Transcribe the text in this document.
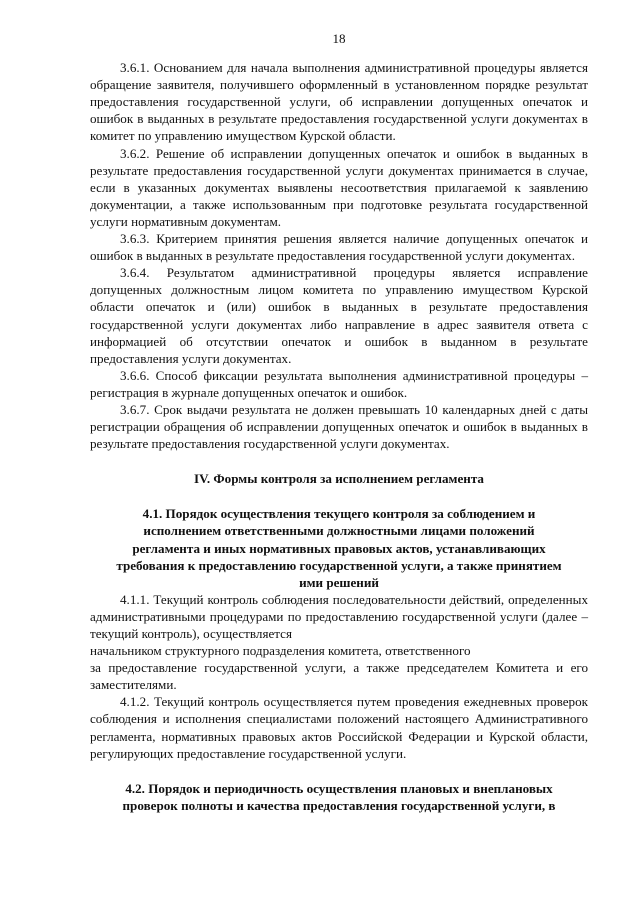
18

3.6.1. Основанием для начала выполнения административной процедуры является обращение заявителя, получившего оформленный в установленном порядке результат предоставления государственной услуги, об исправлении допущенных опечаток и ошибок в выданных в результате предоставления государственной услуги документах в комитет по управлению имуществом Курской области.

3.6.2. Решение об исправлении допущенных опечаток и ошибок в выданных в результате предоставления государственной услуги документах принимается в случае, если в указанных документах выявлены несоответствия прилагаемой к заявлению документации, а также использованным при подготовке результата государственной услуги нормативным документам.

3.6.3. Критерием принятия решения является наличие допущенных опечаток и ошибок в выданных в результате предоставления государственной услуги документах.

3.6.4. Результатом административной процедуры является исправление допущенных должностным лицом комитета по управлению имуществом Курской области опечаток и (или) ошибок в выданных в результате предоставления государственной услуги документах либо направление в адрес заявителя ответа с информацией об отсутствии опечаток и ошибок в выданном в результате предоставления услуги документах.

3.6.6. Способ фиксации результата выполнения административной процедуры – регистрация в журнале допущенных опечаток и ошибок.

3.6.7. Срок выдачи результата не должен превышать 10 календарных дней с даты регистрации обращения об исправлении допущенных опечаток и ошибок в выданных в результате предоставления государственной услуги документах.

IV. Формы контроля за исполнением регламента
4.1. Порядок осуществления текущего контроля за соблюдением и
исполнением ответственными должностными лицами положений
регламента и иных нормативных правовых актов, устанавливающих
требования к предоставлению государственной услуги, а также принятием
ими решений

4.1.1. Текущий контроль соблюдения последовательности действий, определенных административными процедурами по предоставлению государственной услуги (далее – текущий контроль), осуществляется

начальником структурного подразделения комитета, ответственного

за предоставление государственной услуги, а также председателем Комитета и его заместителями.

4.1.2. Текущий контроль осуществляется путем проведения ежедневных проверок соблюдения и исполнения специалистами положений настоящего Административного регламента, нормативных правовых актов Российской Федерации и Курской области, регулирующих предоставление государственной услуги.

4.2. Порядок и периодичность осуществления плановых и внеплановых
проверок полноты и качества предоставления государственной услуги, в
